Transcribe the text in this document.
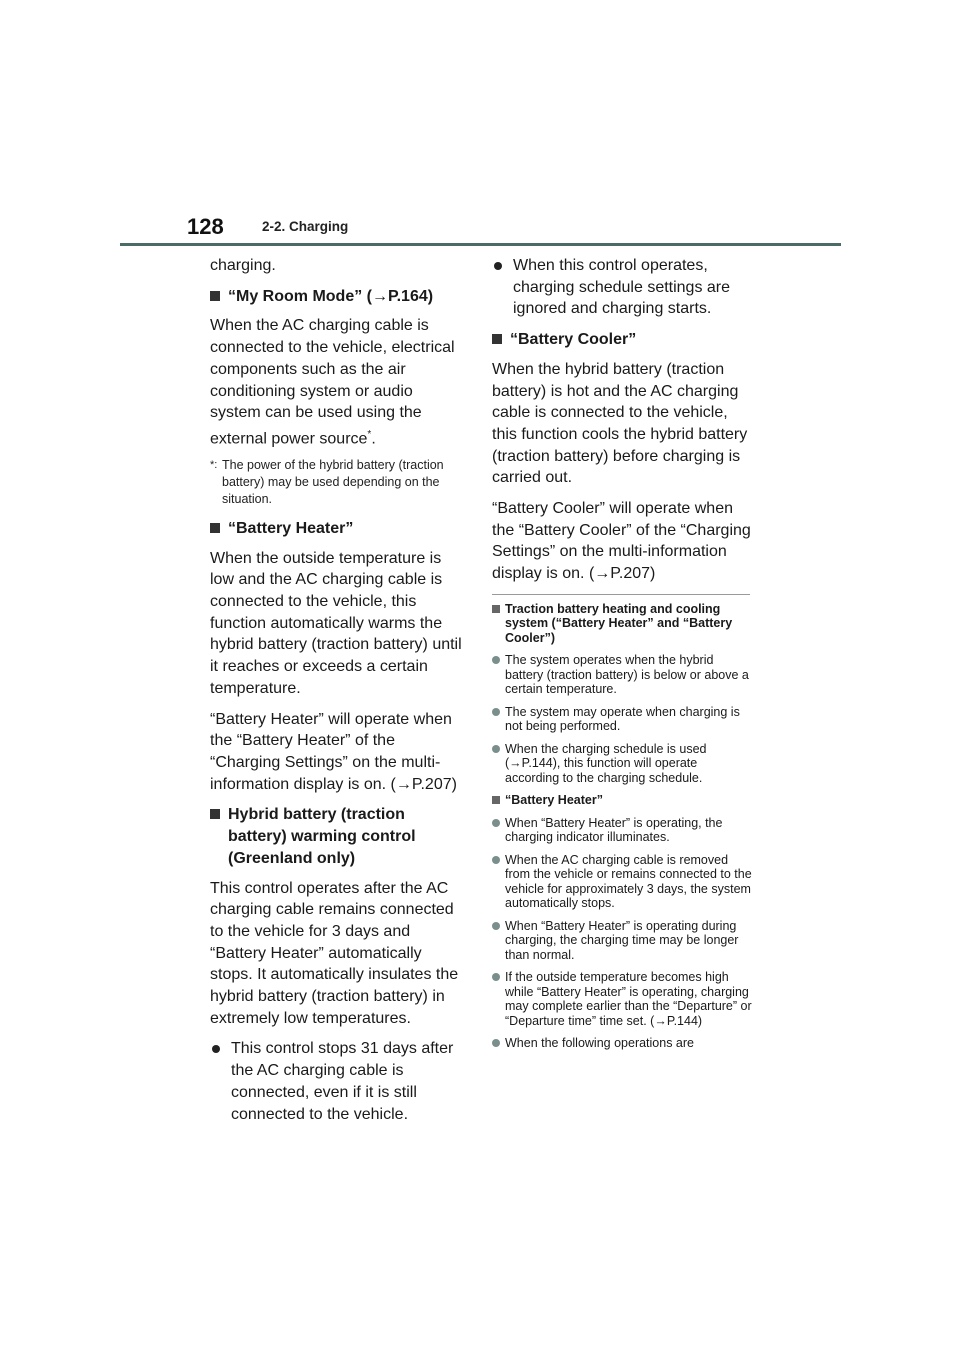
128	2-2. Charging

charging.

“My Room Mode” (→P.164)

When the AC charging cable is connected to the vehicle, electrical components such as the air conditioning system or audio system can be used using the external power source*.

*: The power of the hybrid battery (traction battery) may be used depending on the situation.
“Battery Heater”

When the outside temperature is low and the AC charging cable is connected to the vehicle, this function automatically warms the hybrid battery (traction battery) until it reaches or exceeds a certain temperature.

“Battery Heater” will operate when the “Battery Heater” of the “Charging Settings” on the multi-information display is on. (→P.207)

Hybrid battery (traction battery) warming control (Greenland only)

This control operates after the AC charging cable remains connected to the vehicle for 3 days and “Battery Heater” automatically stops. It automatically insulates the hybrid battery (traction battery) in extremely low temperatures.

This control stops 31 days after the AC charging cable is connected, even if it is still connected to the vehicle.
When this control operates, charging schedule settings are ignored and charging starts.
“Battery Cooler”

When the hybrid battery (traction battery) is hot and the AC charging cable is connected to the vehicle, this function cools the hybrid battery (traction battery) before charging is carried out.

“Battery Cooler” will operate when the “Battery Cooler” of the “Charging Settings” on the multi-information display is on. (→P.207)

Traction battery heating and cooling system (“Battery Heater” and “Battery Cooler”)
The system operates when the hybrid battery (traction battery) is below or above a certain temperature.
The system may operate when charging is not being performed.
When the charging schedule is used (→P.144), this function will operate according to the charging schedule.
“Battery Heater”
When “Battery Heater” is operating, the charging indicator illuminates.
When the AC charging cable is removed from the vehicle or remains connected to the vehicle for approximately 3 days, the system automatically stops.
When “Battery Heater” is operating during charging, the charging time may be longer than normal.
If the outside temperature becomes high while “Battery Heater” is operating, charging may complete earlier than the “Departure” or “Departure time” time set. (→P.144)
When the following operations are
